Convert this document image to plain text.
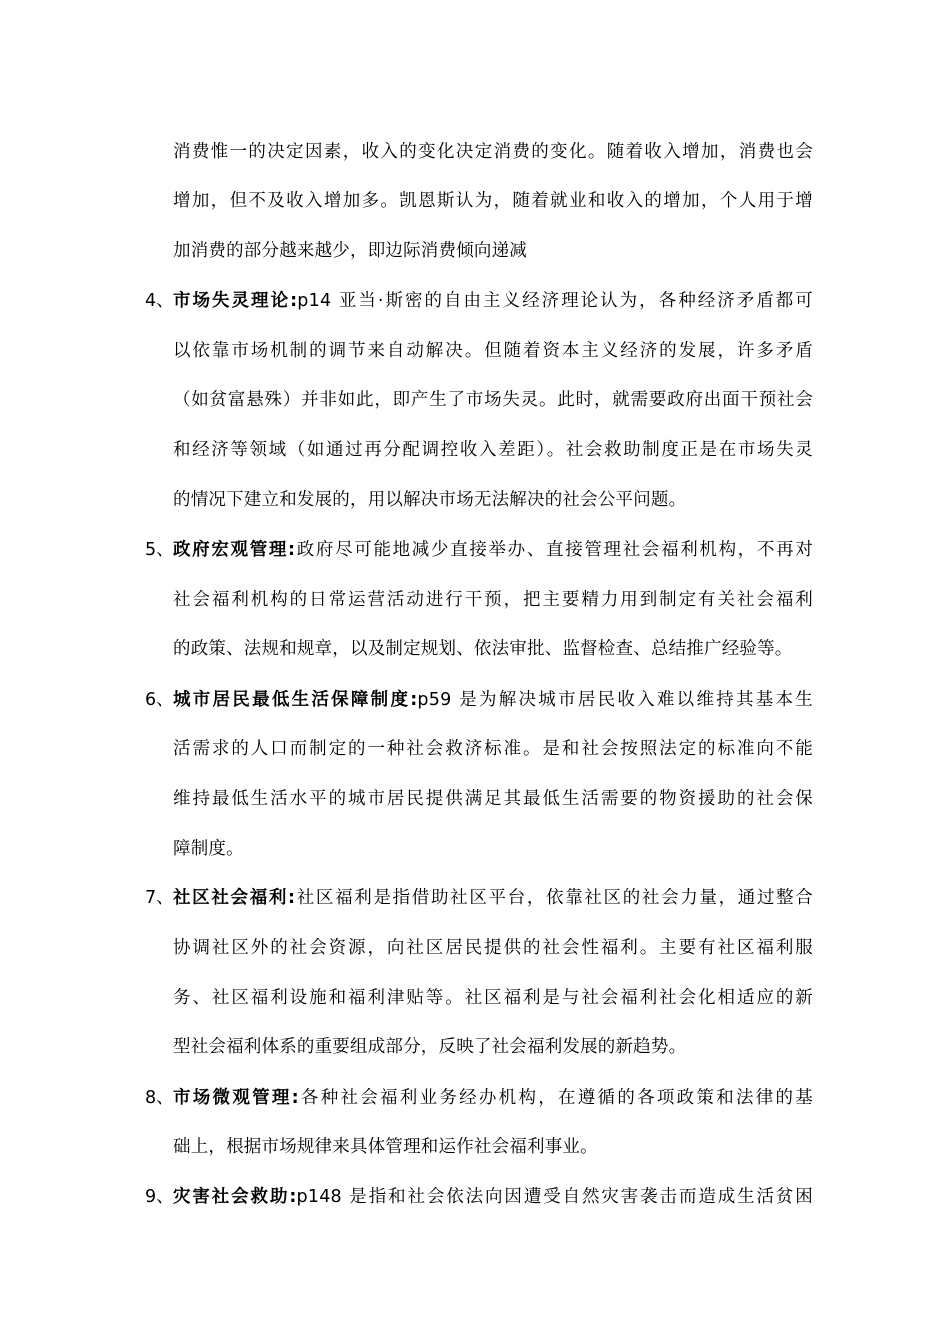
消费惟一的决定因素，收入的变化决定消费的变化。随着收入增加，消费也会
增加，但不及收入增加多。凯恩斯认为，随着就业和收入的增加，个人用于增
加消费的部分越来越少，即边际消费倾向递减
4、 市场失灵理论:p14 亚当·斯密的自由主义经济理论认为，各种经济矛盾都可
以依靠市场机制的调节来自动解决。但随着资本主义经济的发展，许多矛盾
（如贫富悬殊）并非如此，即产生了市场失灵。此时，就需要政府出面干预社会
和经济等领域（如通过再分配调控收入差距）。社会救助制度正是在市场失灵
的情况下建立和发展的，用以解决市场无法解决的社会公平问题。
5、 政府宏观管理:政府尽可能地减少直接举办、直接管理社会福利机构，不再对
社会福利机构的日常运营活动进行干预，把主要精力用到制定有关社会福利
的政策、法规和规章，以及制定规划、依法审批、监督检查、总结推广经验等。
6、 城市居民最低生活保障制度:p59 是为解决城市居民收入难以维持其基本生
活需求的人口而制定的一种社会救济标准。是和社会按照法定的标准向不能
维持最低生活水平的城市居民提供满足其最低生活需要的物资援助的社会保
障制度。
7、 社区社会福利:社区福利是指借助社区平台，依靠社区的社会力量，通过整合
协调社区外的社会资源，向社区居民提供的社会性福利。主要有社区福利服
务、社区福利设施和福利津贴等。社区福利是与社会福利社会化相适应的新
型社会福利体系的重要组成部分，反映了社会福利发展的新趋势。
8、 市场微观管理:各种社会福利业务经办机构，在遵循的各项政策和法律的基
础上，根据市场规律来具体管理和运作社会福利事业。
9、 灾害社会救助:p148 是指和社会依法向因遭受自然灾害袭击而造成生活贫困
